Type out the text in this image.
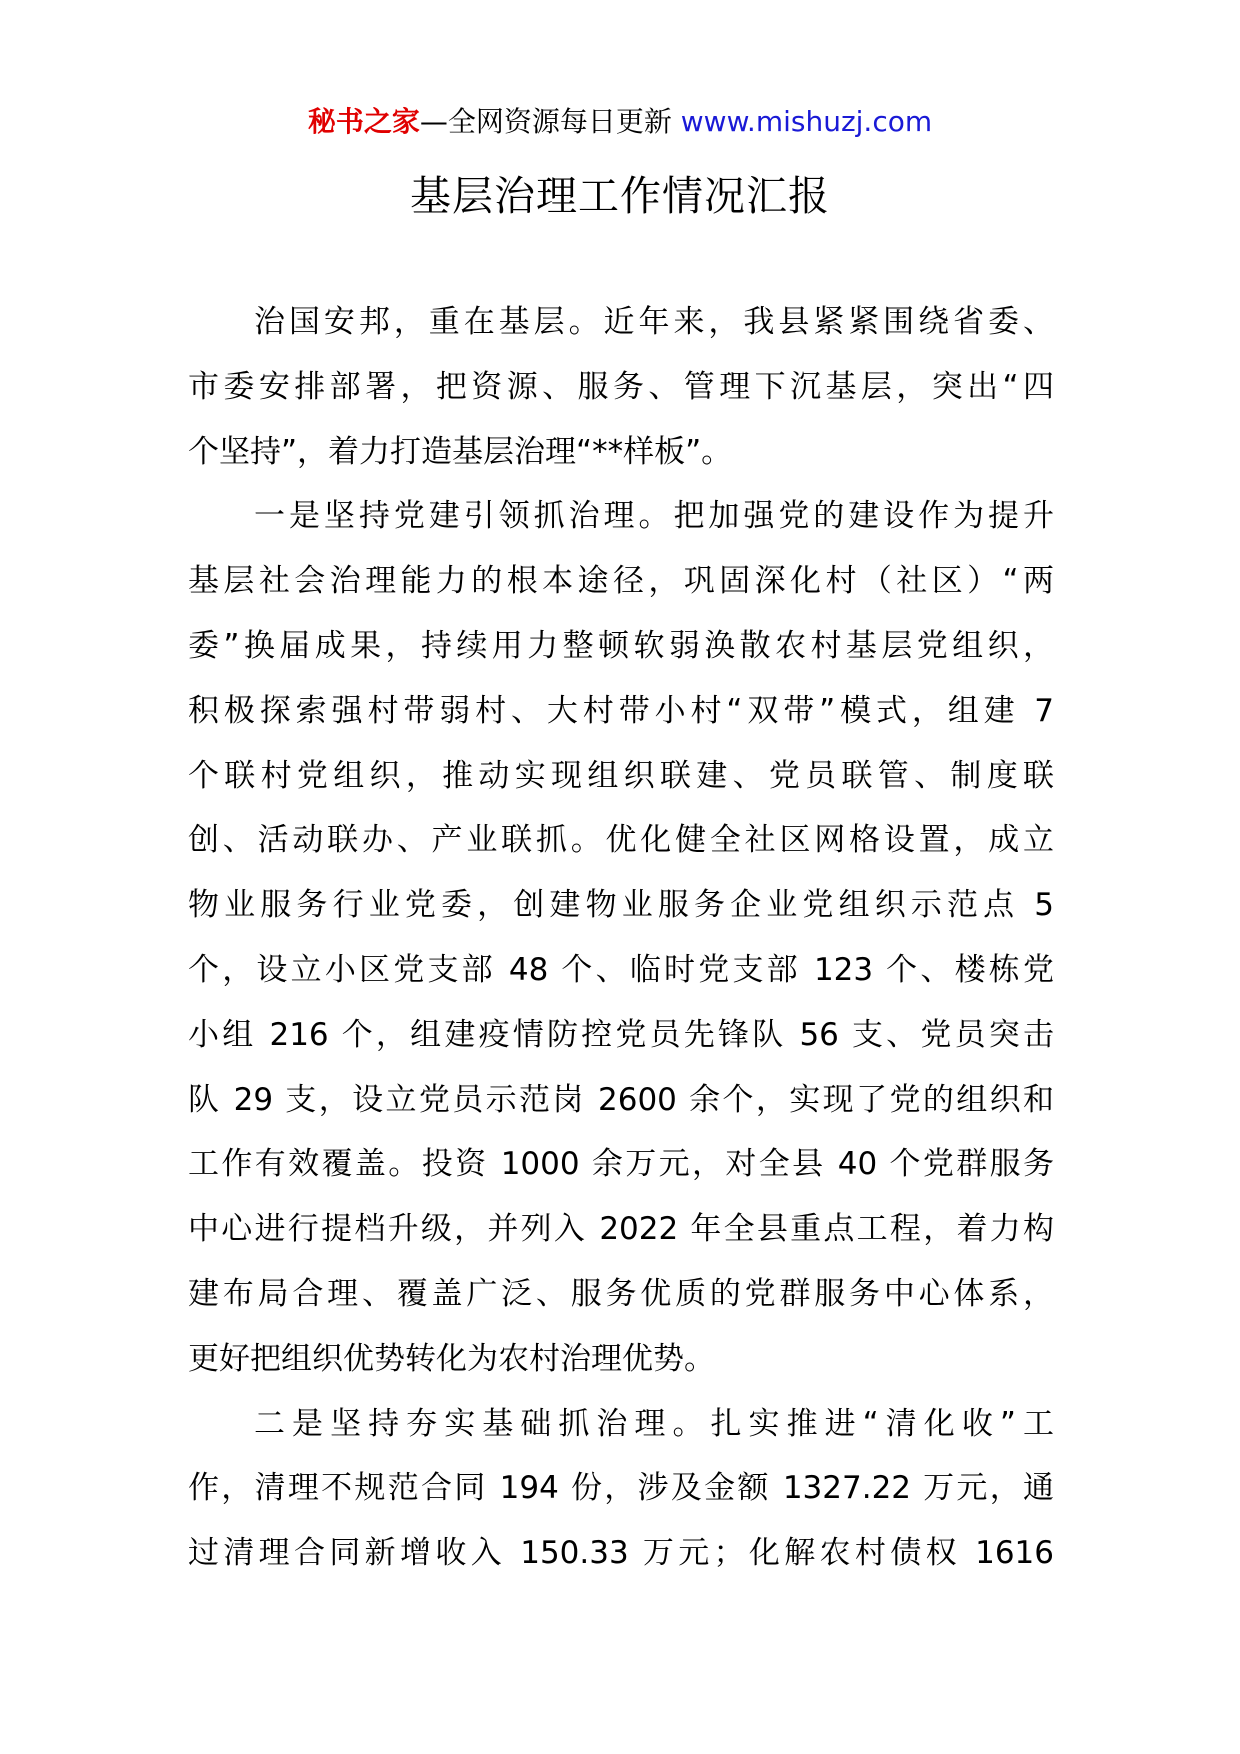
秘书之家—全网资源每日更新 www.mishuzj.com
基层治理工作情况汇报
治国安邦，重在基层。近年来，我县紧紧围绕省委、
市委安排部署，把资源、服务、管理下沉基层，突出“四
个坚持”，着力打造基层治理“**样板”。
一是坚持党建引领抓治理。把加强党的建设作为提升
基层社会治理能力的根本途径，巩固深化村（社区）“两
委”换届成果，持续用力整顿软弱涣散农村基层党组织，
积极探索强村带弱村、大村带小村“双带”模式，组建 7
个联村党组织，推动实现组织联建、党员联管、制度联
创、活动联办、产业联抓。优化健全社区网格设置，成立
物业服务行业党委，创建物业服务企业党组织示范点 5
个，设立小区党支部 48 个、临时党支部 123 个、楼栋党
小组 216 个，组建疫情防控党员先锋队 56 支、党员突击
队 29 支，设立党员示范岗 2600 余个，实现了党的组织和
工作有效覆盖。投资 1000 余万元，对全县 40 个党群服务
中心进行提档升级，并列入 2022 年全县重点工程，着力构
建布局合理、覆盖广泛、服务优质的党群服务中心体系，
更好把组织优势转化为农村治理优势。
二是坚持夯实基础抓治理。扎实推进“清化收”工
作，清理不规范合同 194 份，涉及金额 1327.22 万元，通
过清理合同新增收入 150.33 万元；化解农村债权 1616
